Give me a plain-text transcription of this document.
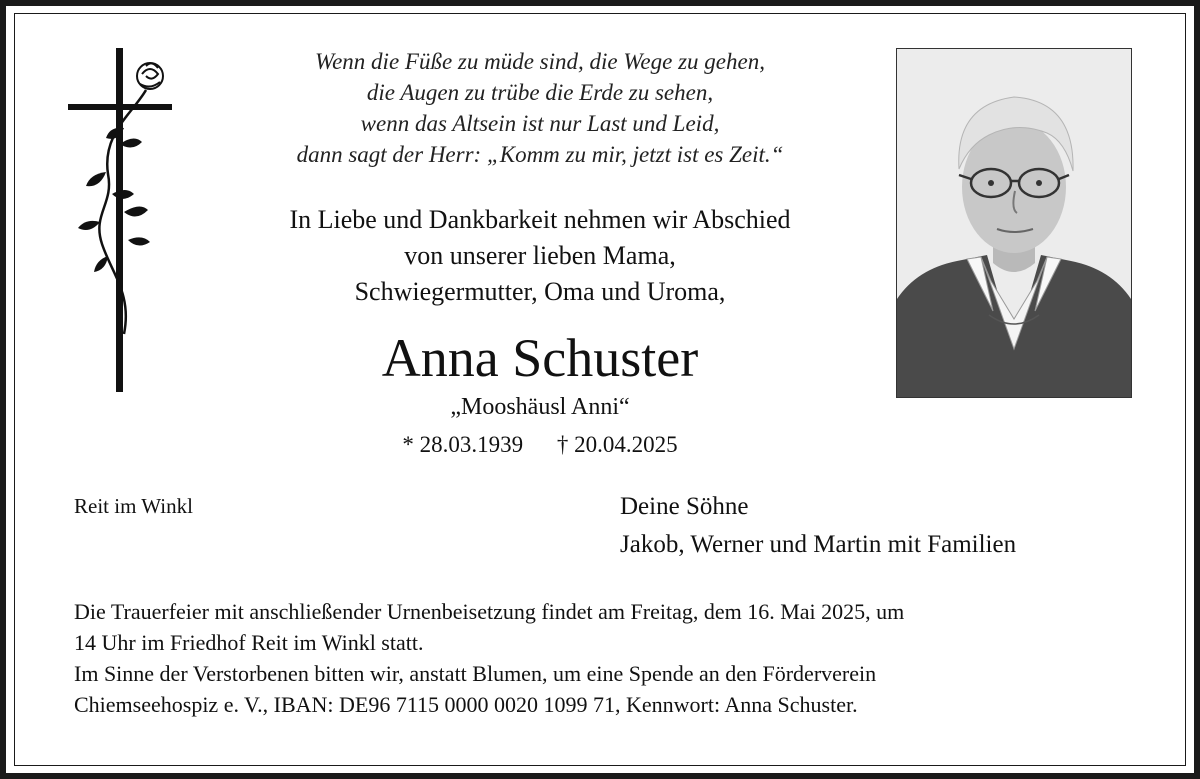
Wenn die Füße zu müde sind, die Wege zu gehen,
die Augen zu trübe die Erde zu sehen,
wenn das Altsein ist nur Last und Leid,
dann sagt der Herr: „Komm zu mir, jetzt ist es Zeit.“
In Liebe und Dankbarkeit nehmen wir Abschied
von unserer lieben Mama,
Schwiegermutter, Oma und Uroma,
Anna Schuster
„Mooshäusl Anni“
* 28.03.1939 † 20.04.2025
Reit im Winkl	Deine Söhne
Jakob, Werner und Martin mit Familien
Die Trauerfeier mit anschließender Urnenbeisetzung findet am Freitag, dem 16. Mai 2025, um
14 Uhr im Friedhof Reit im Winkl statt.
Im Sinne der Verstorbenen bitten wir, anstatt Blumen, um eine Spende an den Förderverein
Chiemseehospiz e. V., IBAN: DE96 7115 0000 0020 1099 71, Kennwort: Anna Schuster.
